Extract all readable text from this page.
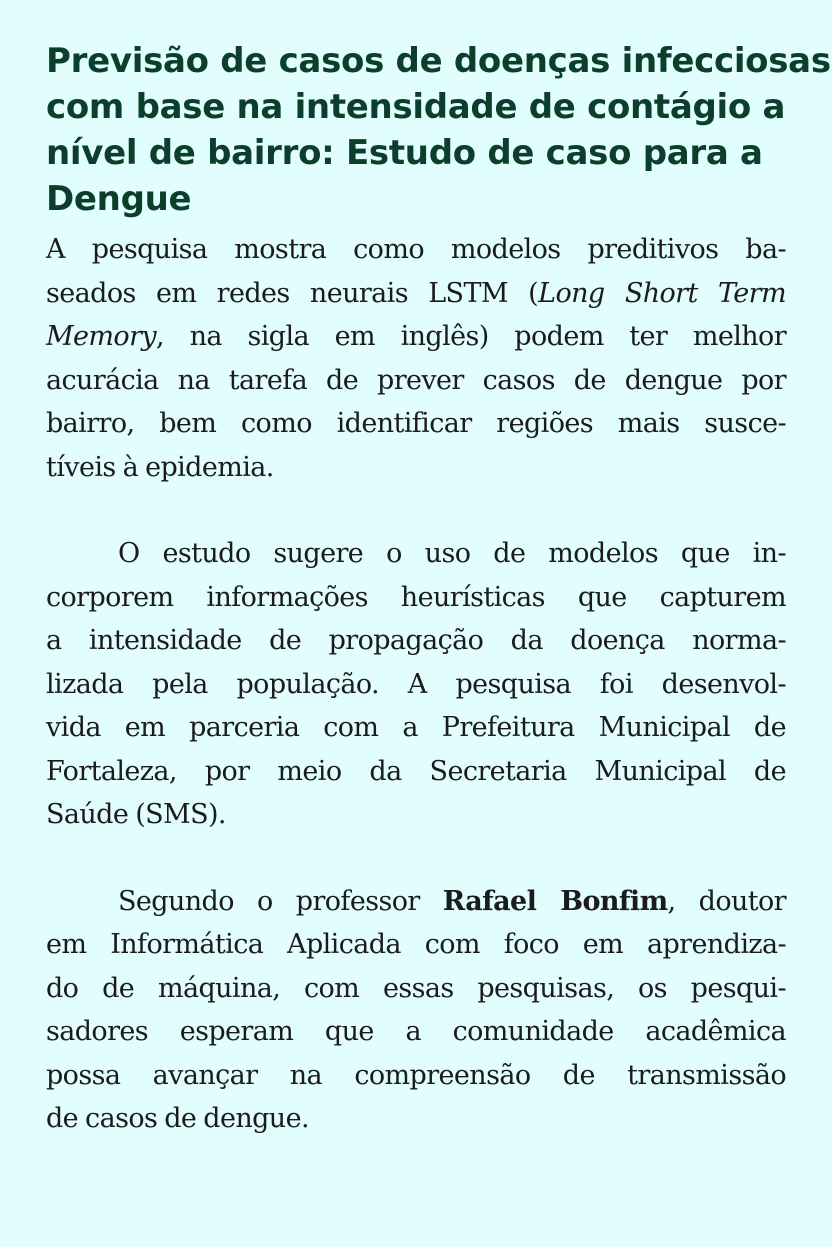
Previsão de casos de doenças infecciosas
com base na intensidade de contágio a
nível de bairro: Estudo de caso para a
Dengue
A pesquisa mostra como modelos preditivos ba-
seados em redes neurais LSTM (Long Short Term
Memory, na sigla em inglês) podem ter melhor
acurácia na tarefa de prever casos de dengue por
bairro, bem como identificar regiões mais susce-
tíveis à epidemia.
O estudo sugere o uso de modelos que in-
corporem informações heurísticas que capturem
a intensidade de propagação da doença norma-
lizada pela população. A pesquisa foi desenvol-
vida em parceria com a Prefeitura Municipal de
Fortaleza, por meio da Secretaria Municipal de
Saúde (SMS).
Segundo o professor Rafael Bonfim, doutor
em Informática Aplicada com foco em aprendiza-
do de máquina, com essas pesquisas, os pesqui-
sadores esperam que a comunidade acadêmica
possa avançar na compreensão de transmissão
de casos de dengue.
